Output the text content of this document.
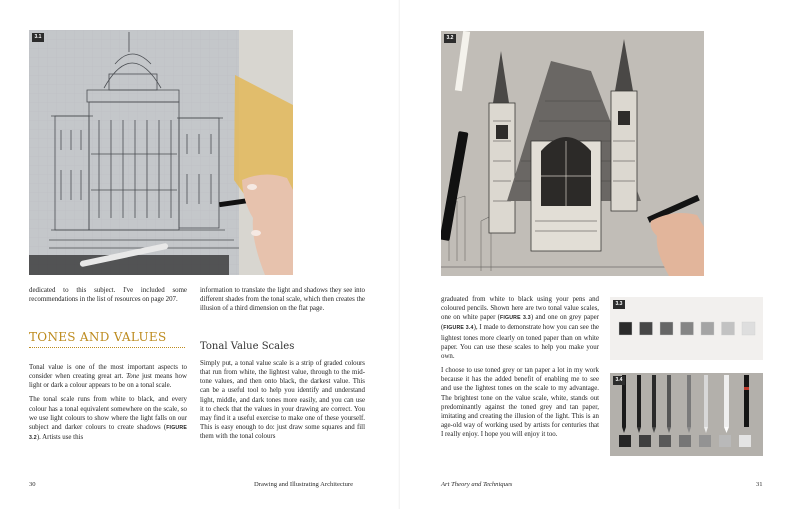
3.1

dedicated to this subject. I've included some recommendations in the list of resources on page 207.

TONES AND VALUES

Tonal value is one of the most important aspects to consider when creating great art. Tone just means how light or dark a colour appears to be on a tonal scale.

The tonal scale runs from white to black, and every colour has a tonal equivalent somewhere on the scale, so we use light colours to show where the light falls on our subject and darker colours to create shadows (FIGURE 3.2). Artists use this

information to translate the light and shadows they see into different shades from the tonal scale, which then creates the illusion of a third dimension on the flat page.

Tonal Value Scales

Simply put, a tonal value scale is a strip of graded colours that run from white, the lightest value, through to the mid-tone values, and then onto black, the darkest value. This can be a useful tool to help you identify and understand light, middle, and dark tones more easily, and you can use it to check that the values in your drawing are correct. You may find it a useful exercise to make one of these yourself. This is easy enough to do: just draw some squares and fill them with the tonal colours

30	Drawing and Illustrating Architecture
3.2

graduated from white to black using your pens and coloured pencils. Shown here are two tonal value scales, one on white paper (FIGURE 3.3) and one on grey paper (FIGURE 3.4), I made to demonstrate how you can see the lightest tones more clearly on toned paper than on white paper. You can use these scales to help you make your own.

I choose to use toned grey or tan paper a lot in my work because it has the added benefit of enabling me to see and use the lightest tones on the scale to my advantage. The brightest tone on the value scale, white, stands out predominantly against the toned grey and tan paper, imitating and creating the illusion of the light. This is an age-old way of working used by artists for centuries that I really enjoy. I hope you will enjoy it too.

3.3
3.4
Art Theory and Techniques	31
